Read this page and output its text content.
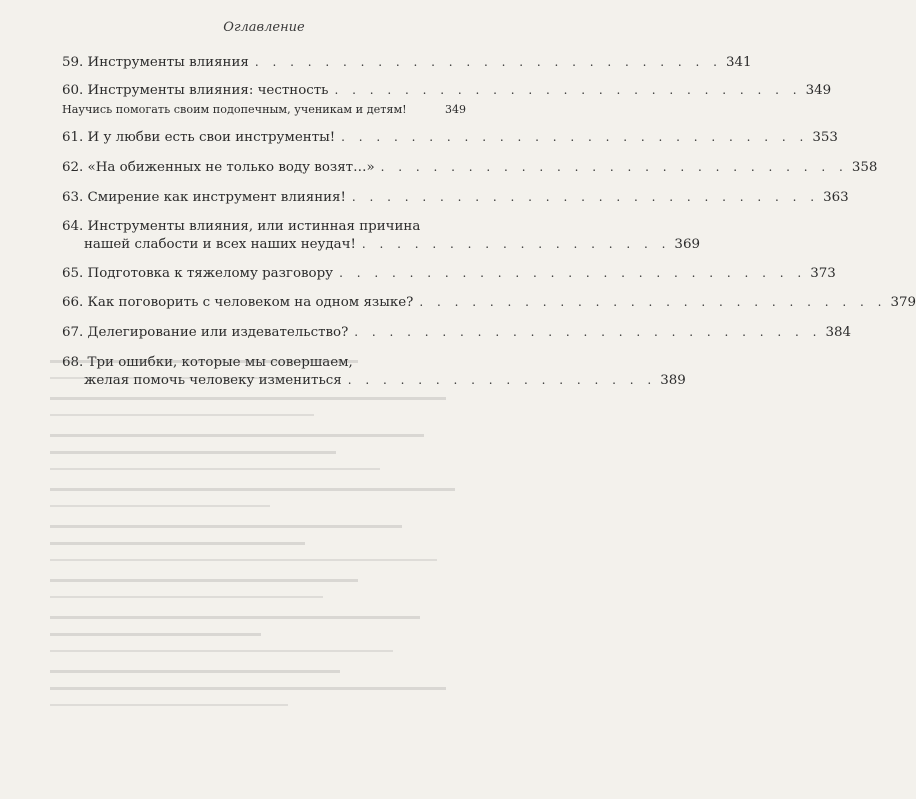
Оглавление
59. Инструменты влияния . . . . . . . . . . . . . . . . . . . . . . . . . . . 341
60. Инструменты влияния: честность . . . . . . . . . . . . . . . . . . . . . . . . . . . 349
Научись помогать своим подопечным, ученикам и детям!	349
61. И у любви есть свои инструменты! . . . . . . . . . . . . . . . . . . . . . . . . . . . 353
62. «На обиженных не только воду возят…» . . . . . . . . . . . . . . . . . . . . . . . . . . . 358
63. Смирение как инструмент влияния! . . . . . . . . . . . . . . . . . . . . . . . . . . . 363
64. Инструменты влияния, или истинная причина
нашей слабости и всех наших неудач! . . . . . . . . . . . . . . . . . . 369
65. Подготовка к тяжелому разговору . . . . . . . . . . . . . . . . . . . . . . . . . . . 373
66. Как поговорить с человеком на одном языке? . . . . . . . . . . . . . . . . . . . . . . . . . . . 379
67. Делегирование или издевательство? . . . . . . . . . . . . . . . . . . . . . . . . . . . 384
68. Три ошибки, которые мы совершаем,
желая помочь человеку измениться . . . . . . . . . . . . . . . . . . 389
